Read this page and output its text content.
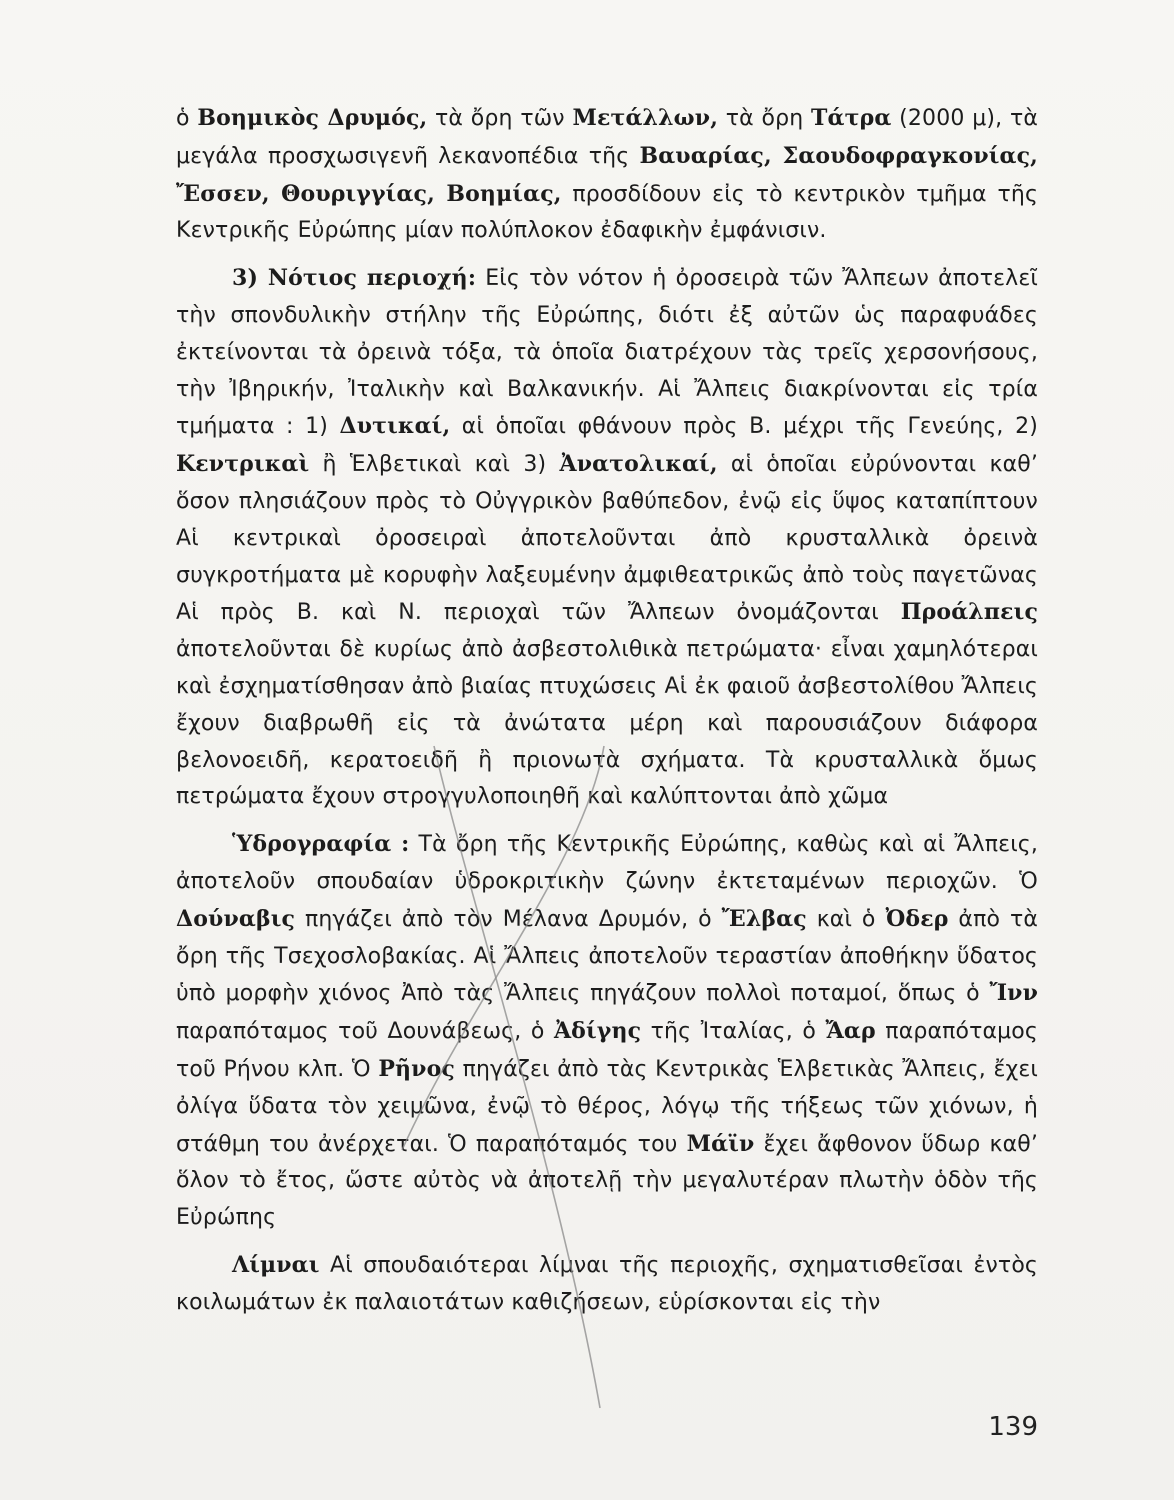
ὁ Βοημικὸς Δρυμός, τὰ ὄρη τῶν Μετάλλων, τὰ ὄρη Τάτρα (2000 μ), τὰ μεγάλα προσχωσιγενῆ λεκανοπέδια τῆς Βαυαρίας, Σαουδοφραγκονίας, Ἔσσεν, Θουριγγίας, Βοημίας, προσδίδουν εἰς τὸ κεντρικὸν τμῆμα τῆς Κεντρικῆς Εὐρώπης μίαν πολύπλοκον ἐδαφικὴν ἐμφάνισιν.

3) Νότιος περιοχή: Εἰς τὸν νότον ἡ ὀροσειρὰ τῶν Ἄλπεων ἀποτελεῖ τὴν σπονδυλικὴν στήλην τῆς Εὐρώπης, διότι ἐξ αὐτῶν ὡς παραφυάδες ἐκτείνονται τὰ ὀρεινὰ τόξα, τὰ ὁποῖα διατρέχουν τὰς τρεῖς χερσονήσους, τὴν Ἰβηρικήν, Ἰταλικὴν καὶ Βαλκανικήν. Αἱ Ἄλπεις διακρίνονται εἰς τρία τμήματα : 1) Δυτικαί, αἱ ὁποῖαι φθάνουν πρὸς Β. μέχρι τῆς Γενεύης, 2) Κεντρικαὶ ἢ Ἑλβετικαὶ καὶ 3) Ἀνατολικαί, αἱ ὁποῖαι εὐρύνονται καθ’ ὅσον πλησιάζουν πρὸς τὸ Οὐγγρικὸν βαθύπεδον, ἐνῷ εἰς ὕψος καταπίπτουν Αἱ κεντρικαὶ ὀροσειραὶ ἀποτελοῦνται ἀπὸ κρυσταλλικὰ ὀρεινὰ συγκροτήματα μὲ κορυφὴν λαξευμένην ἀμφιθεατρικῶς ἀπὸ τοὺς παγετῶνας Αἱ πρὸς Β. καὶ Ν. περιοχαὶ τῶν Ἄλπεων ὀνομάζονται Προάλπεις ἀποτελοῦνται δὲ κυρίως ἀπὸ ἀσβεστολιθικὰ πετρώματα· εἶναι χαμηλότεραι καὶ ἐσχηματίσθησαν ἀπὸ βιαίας πτυχώσεις Αἱ ἐκ φαιοῦ ἀσβεστολίθου Ἄλπεις ἔχουν διαβρωθῆ εἰς τὰ ἀνώτατα μέρη καὶ παρουσιάζουν διάφορα βελονοειδῆ, κερατοειδῆ ἢ πριονωτὰ σχήματα. Τὰ κρυσταλλικὰ ὅμως πετρώματα ἔχουν στρογγυλοποιηθῆ καὶ καλύπτονται ἀπὸ χῶμα

Ὑδρογραφία : Τὰ ὄρη τῆς Κεντρικῆς Εὐρώπης, καθὼς καὶ αἱ Ἄλπεις, ἀποτελοῦν σπουδαίαν ὑδροκριτικὴν ζώνην ἐκτεταμένων περιοχῶν. Ὁ Δούναβις πηγάζει ἀπὸ τὸν Μέλανα Δρυμόν, ὁ Ἔλβας καὶ ὁ Ὀδερ ἀπὸ τὰ ὄρη τῆς Τσεχοσλοβακίας. Αἱ Ἄλπεις ἀποτελοῦν τεραστίαν ἀποθήκην ὕδατος ὑπὸ μορφὴν χιόνος Ἀπὸ τὰς Ἄλπεις πηγάζουν πολλοὶ ποταμοί, ὅπως ὁ Ἴνν παραπόταμος τοῦ Δουνάβεως, ὁ Ἀδίγης τῆς Ἰταλίας, ὁ Ἄαρ παραπόταμος τοῦ Ρήνου κλπ. Ὁ Ρῆνος πηγάζει ἀπὸ τὰς Κεντρικὰς Ἑλβετικὰς Ἄλπεις, ἔχει ὀλίγα ὕδατα τὸν χειμῶνα, ἐνῷ τὸ θέρος, λόγῳ τῆς τήξεως τῶν χιόνων, ἡ στάθμη του ἀνέρχεται. Ὁ παραπόταμός του Μάϊν ἔχει ἄφθονον ὕδωρ καθ’ ὅλον τὸ ἔτος, ὥστε αὐτὸς νὰ ἀποτελῇ τὴν μεγαλυτέραν πλωτὴν ὁδὸν τῆς Εὐρώπης

Λίμναι Αἱ σπουδαιότεραι λίμναι τῆς περιοχῆς, σχηματισθεῖσαι ἐντὸς κοιλωμάτων ἐκ παλαιοτάτων καθιζήσεων, εὑρίσκονται εἰς τὴν

139
